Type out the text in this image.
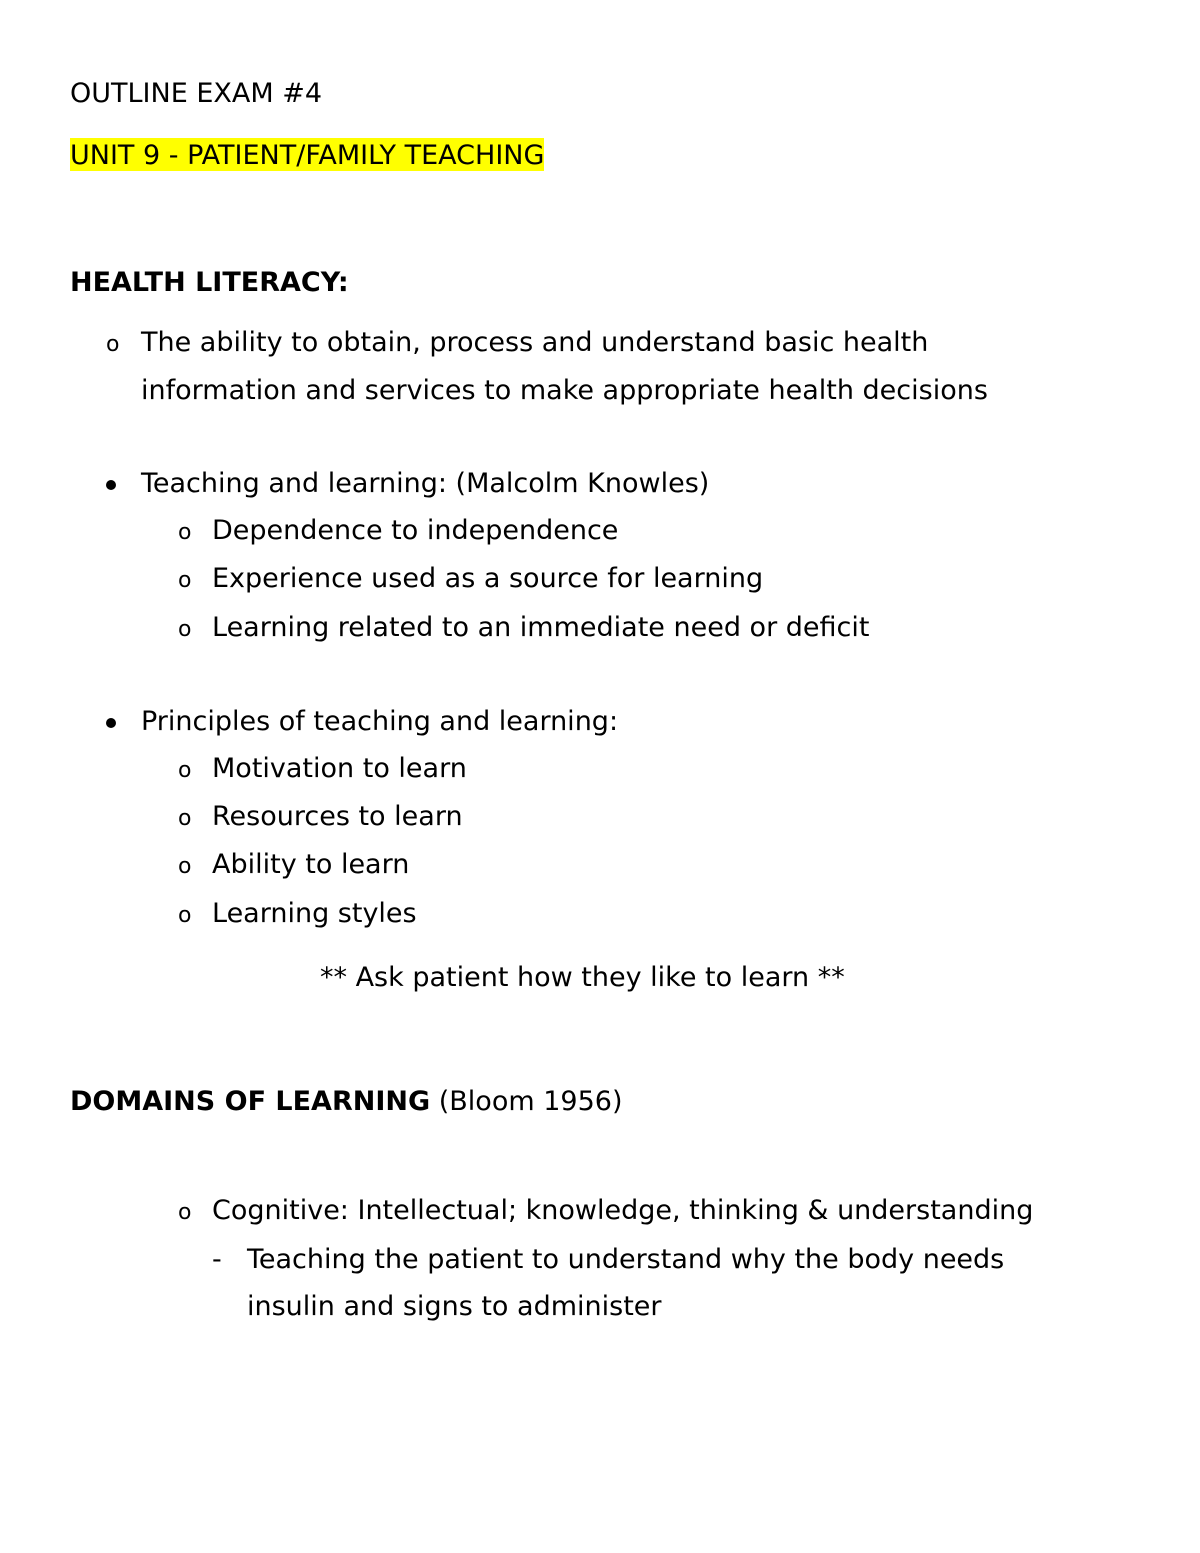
OUTLINE EXAM #4
UNIT 9 - PATIENT/FAMILY TEACHING
HEALTH LITERACY:
o The ability to obtain, process and understand basic health
information and services to make appropriate health decisions
Teaching and learning: (Malcolm Knowles)
o Dependence to independence
o Experience used as a source for learning
o Learning related to an immediate need or deficit
Principles of teaching and learning:
o Motivation to learn
o Resources to learn
o Ability to learn
o Learning styles
** Ask patient how they like to learn **
DOMAINS OF LEARNING (Bloom 1956)
o Cognitive: Intellectual; knowledge, thinking & understanding
- Teaching the patient to understand why the body needs
insulin and signs to administer
